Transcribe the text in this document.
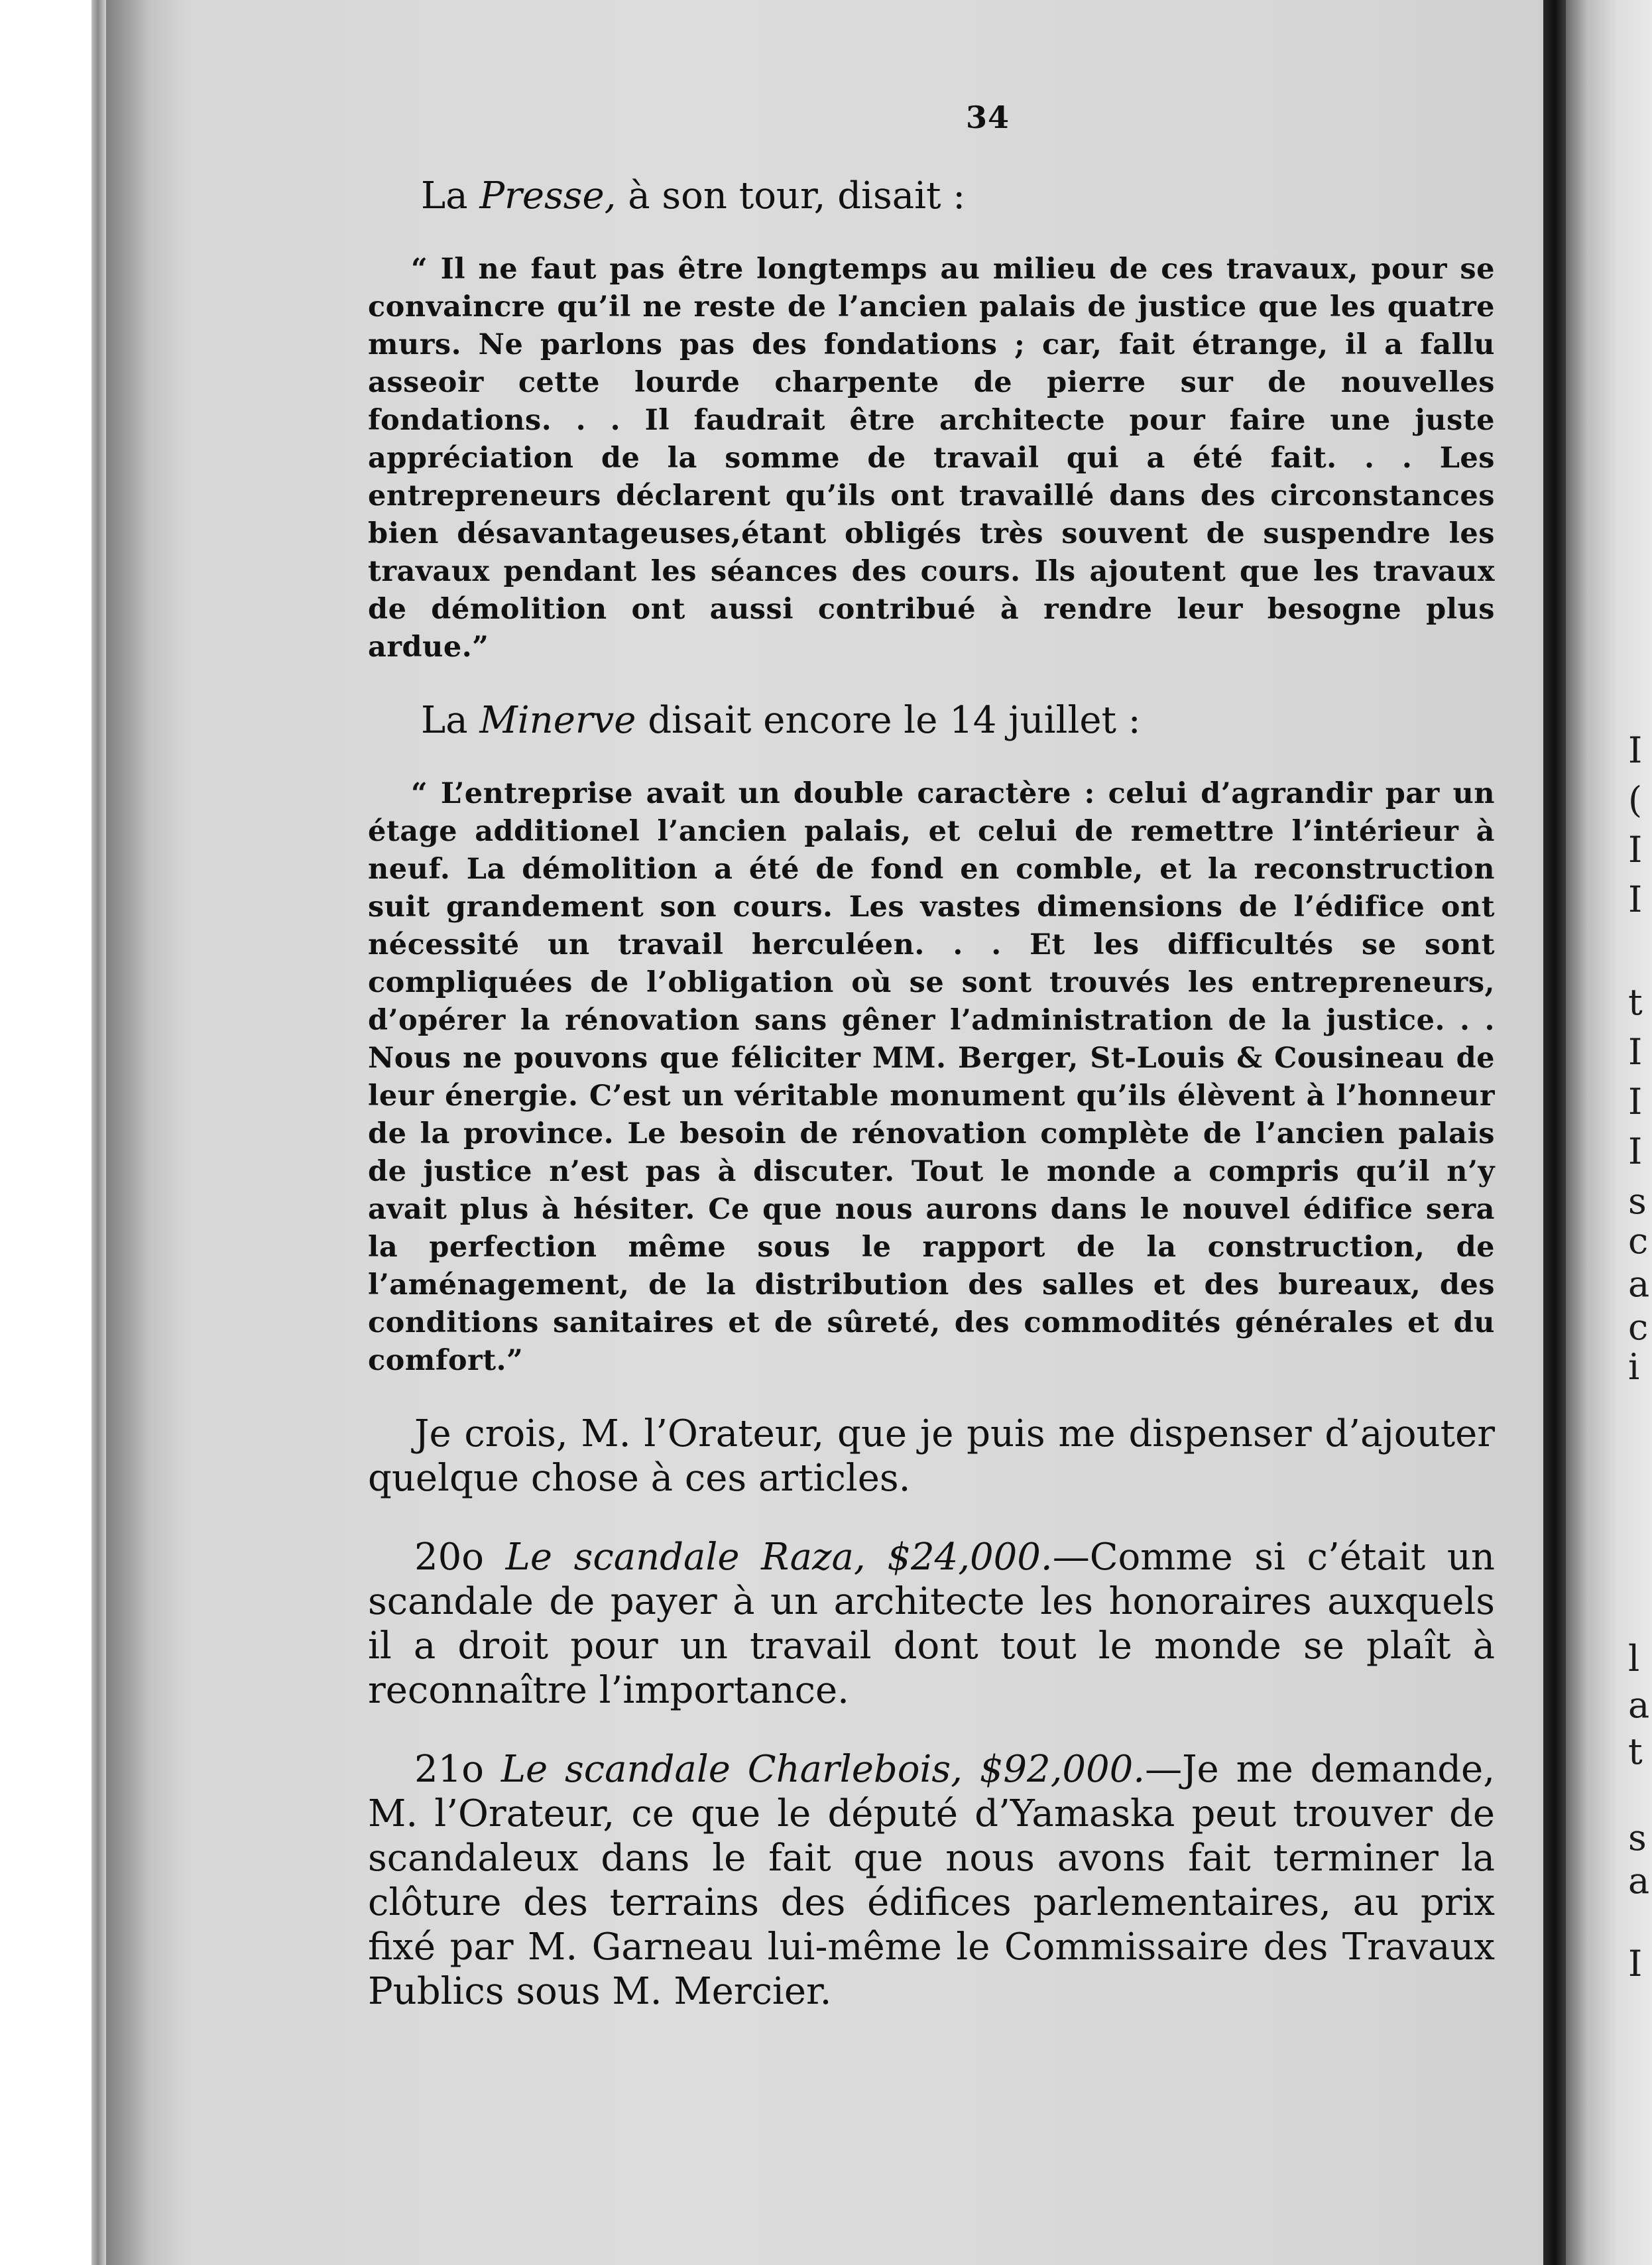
I
(
I
I
t
I
I
I
s
c
a
c
i
l
a
t
s
a
I
34

La Presse, à son tour, disait :

“ Il ne faut pas être longtemps au milieu de ces travaux, pour se convaincre qu’il ne reste de l’ancien palais de justice que les quatre murs. Ne parlons pas des fondations ; car, fait étrange, il a fallu asseoir cette lourde charpente de pierre sur de nouvelles fondations. . . Il faudrait être architecte pour faire une juste appréciation de la somme de travail qui a été fait. . . Les entrepreneurs déclarent qu’ils ont travaillé dans des circonstances bien désavantageuses,étant obligés très souvent de suspendre les travaux pendant les séances des cours. Ils ajoutent que les travaux de démolition ont aussi contribué à rendre leur besogne plus ardue.”

La Minerve disait encore le 14 juillet :

“ L’entreprise avait un double caractère : celui d’agrandir par un étage additionel l’ancien palais, et celui de remettre l’intérieur à neuf. La démolition a été de fond en comble, et la reconstruction suit grandement son cours. Les vastes dimensions de l’édifice ont nécessité un travail herculéen. . . Et les difficultés se sont compliquées de l’obligation où se sont trouvés les entrepreneurs, d’opérer la rénovation sans gêner l’administration de la justice. . . Nous ne pouvons que féliciter MM. Berger, St-Louis & Cousineau de leur énergie. C’est un véritable monument qu’ils élèvent à l’honneur de la province. Le besoin de rénovation complète de l’ancien palais de justice n’est pas à discuter. Tout le monde a compris qu’il n’y avait plus à hésiter. Ce que nous aurons dans le nouvel édifice sera la perfection même sous le rapport de la construction, de l’aménagement, de la distribution des salles et des bureaux, des conditions sanitaires et de sûreté, des commodités générales et du comfort.”

Je crois, M. l’Orateur, que je puis me dispenser d’ajouter quelque chose à ces articles.

20o Le scandale Raza, $24,000.—Comme si c’était un scandale de payer à un architecte les honoraires auxquels il a droit pour un travail dont tout le monde se plaît à reconnaître l’importance.

21o Le scandale Charlebois, $92,000.—Je me demande, M. l’Orateur, ce que le député d’Yamaska peut trouver de scandaleux dans le fait que nous avons fait terminer la clôture des terrains des édifices parlementaires, au prix fixé par M. Garneau lui-même le Commissaire des Travaux Publics sous M. Mercier.
